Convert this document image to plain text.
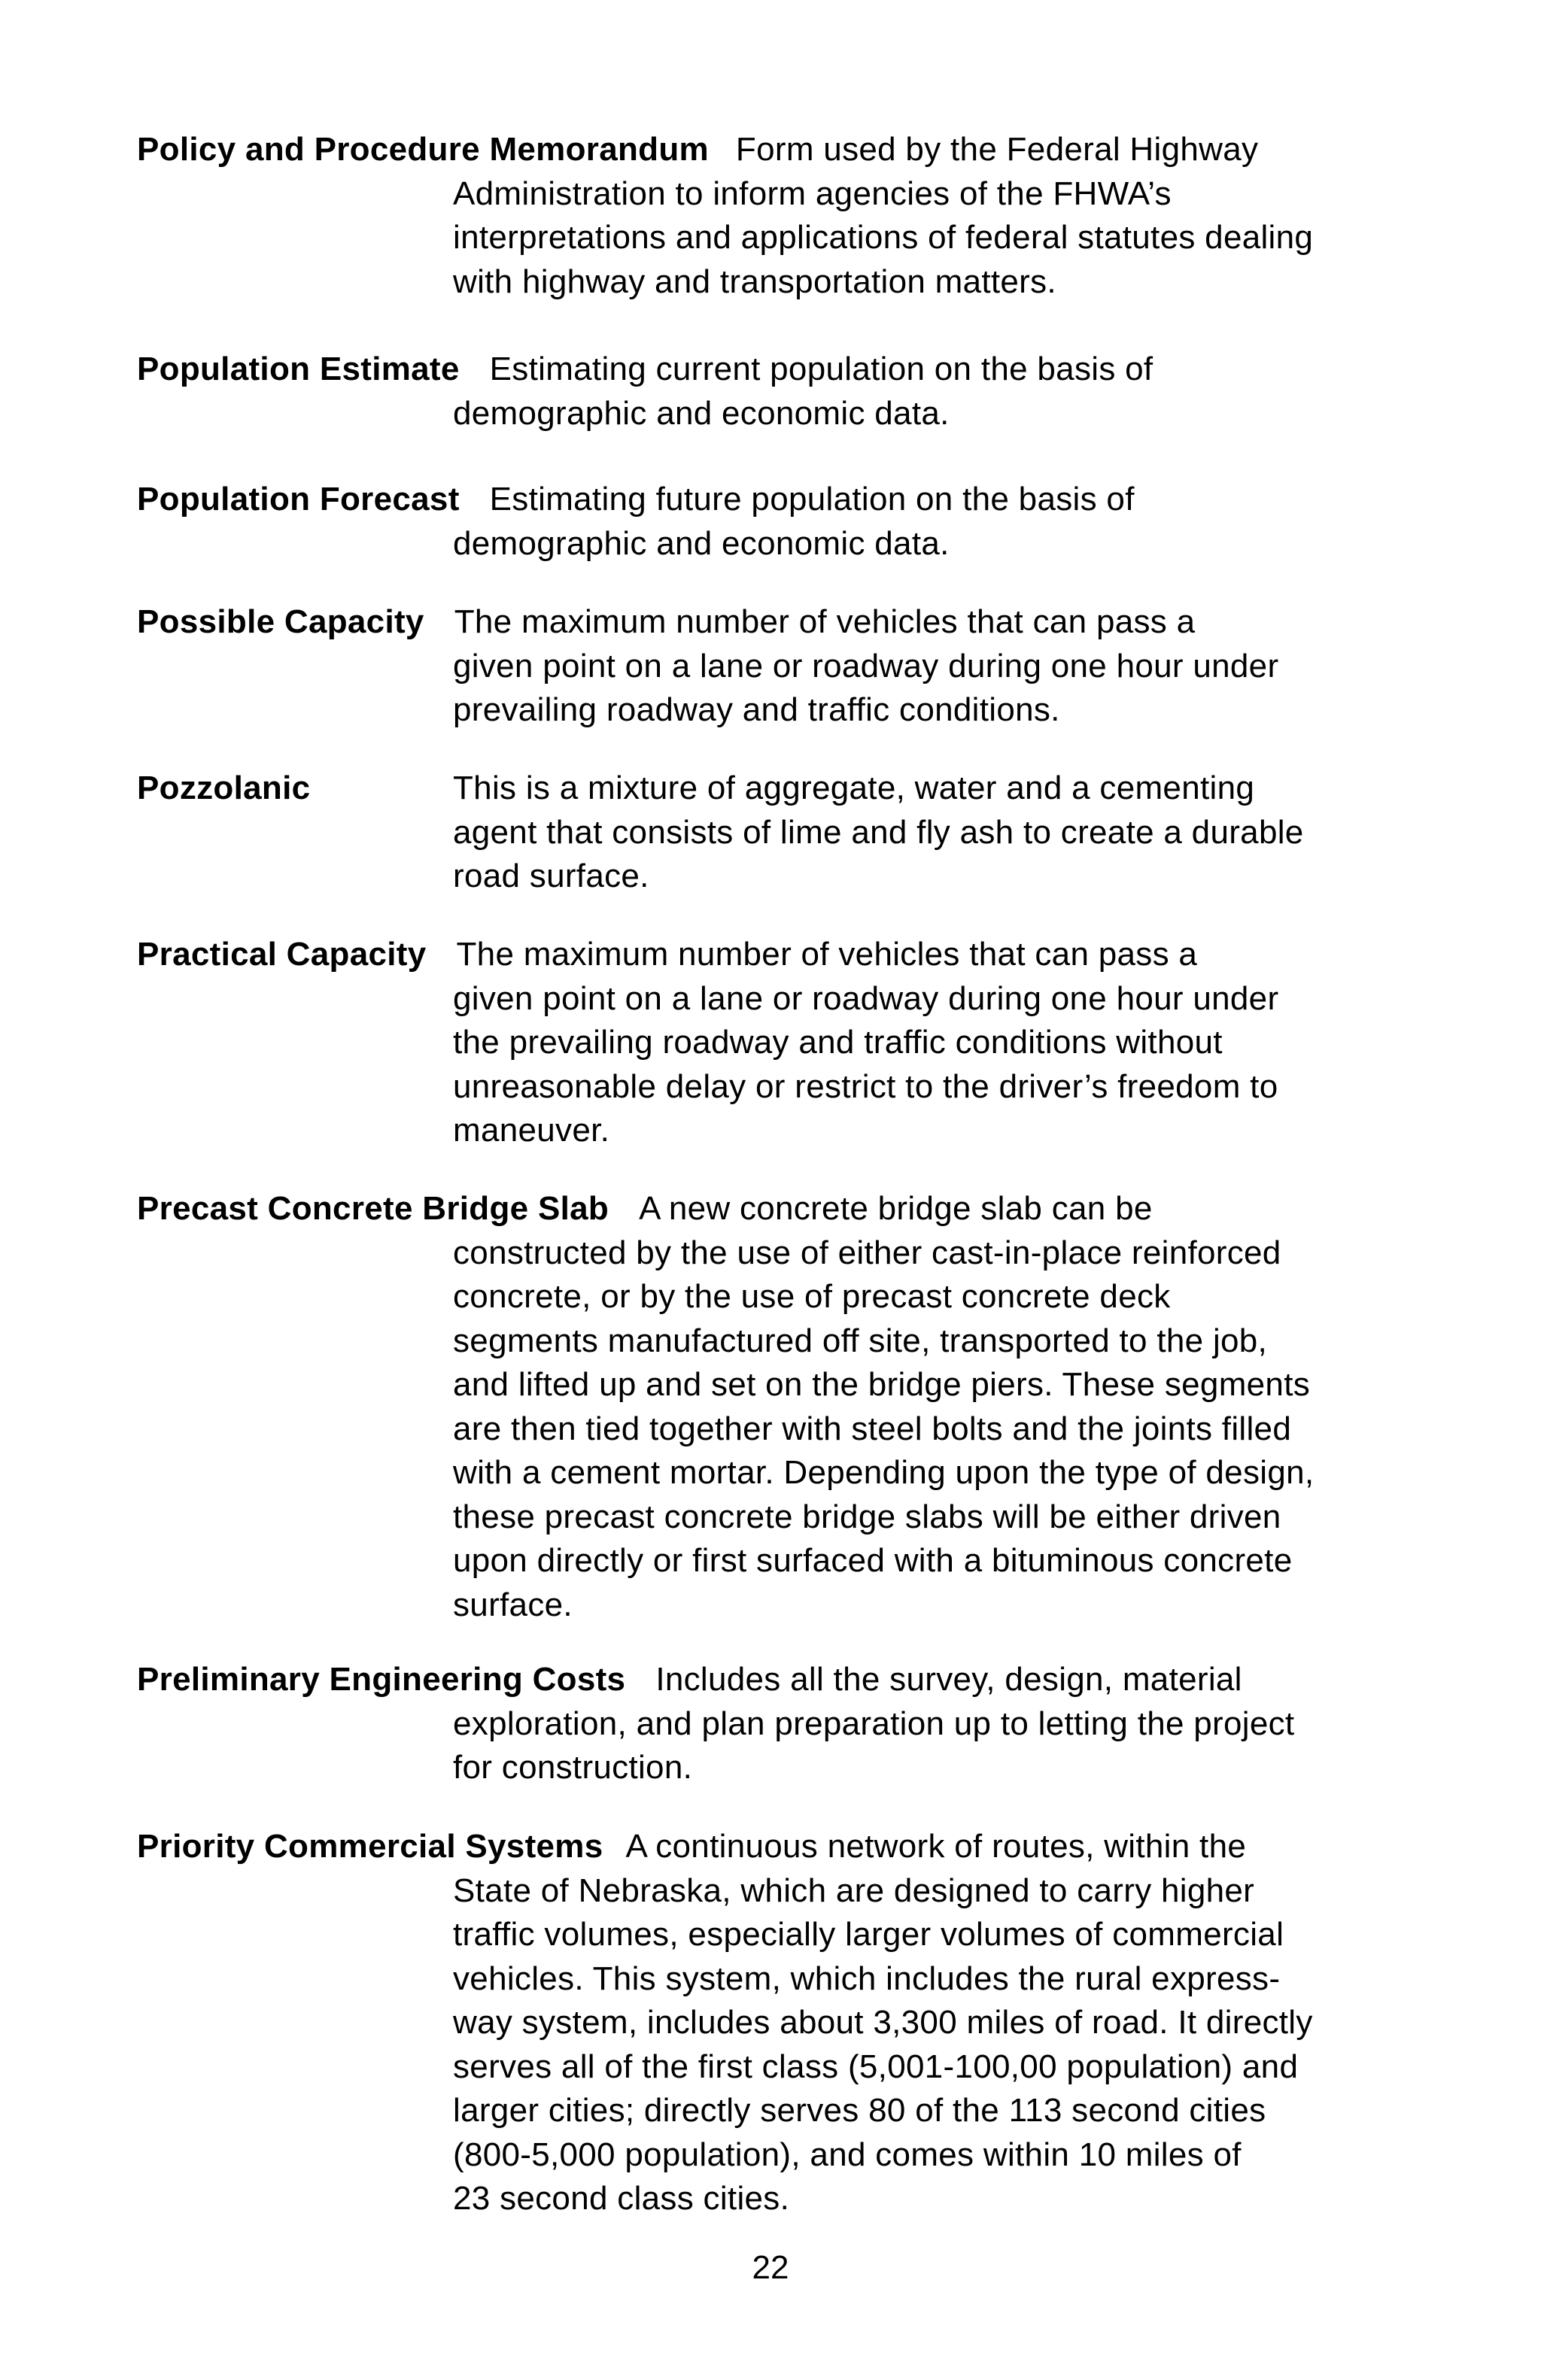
Policy and Procedure Memorandum Form used by the Federal Highway
Administration to inform agencies of the FHWA’s
interpretations and applications of federal statutes dealing
with highway and transportation matters.
Population Estimate Estimating current population on the basis of
demographic and economic data.
Population Forecast Estimating future population on the basis of
demographic and economic data.
Possible Capacity The maximum number of vehicles that can pass a
given point on a lane or roadway during one hour under
prevailing roadway and traffic conditions.
Pozzolanic	This is a mixture of aggregate, water and a cementing
agent that consists of lime and fly ash to create a durable
road surface.
Practical Capacity The maximum number of vehicles that can pass a
given point on a lane or roadway during one hour under
the prevailing roadway and traffic conditions without
unreasonable delay or restrict to the driver’s freedom to
maneuver.
Precast Concrete Bridge Slab A new concrete bridge slab can be
constructed by the use of either cast-in-place reinforced
concrete, or by the use of precast concrete deck
segments manufactured off site, transported to the job,
and lifted up and set on the bridge piers. These segments
are then tied together with steel bolts and the joints filled
with a cement mortar. Depending upon the type of design,
these precast concrete bridge slabs will be either driven
upon directly or first surfaced with a bituminous concrete
surface.
Preliminary Engineering Costs Includes all the survey, design, material
exploration, and plan preparation up to letting the project
for construction.
Priority Commercial Systems A continuous network of routes, within the
State of Nebraska, which are designed to carry higher
traffic volumes, especially larger volumes of commercial
vehicles. This system, which includes the rural express-
way system, includes about 3,300 miles of road. It directly
serves all of the first class (5,001-100,00 population) and
larger cities; directly serves 80 of the 113 second cities
(800-5,000 population), and comes within 10 miles of
23 second class cities.
22
